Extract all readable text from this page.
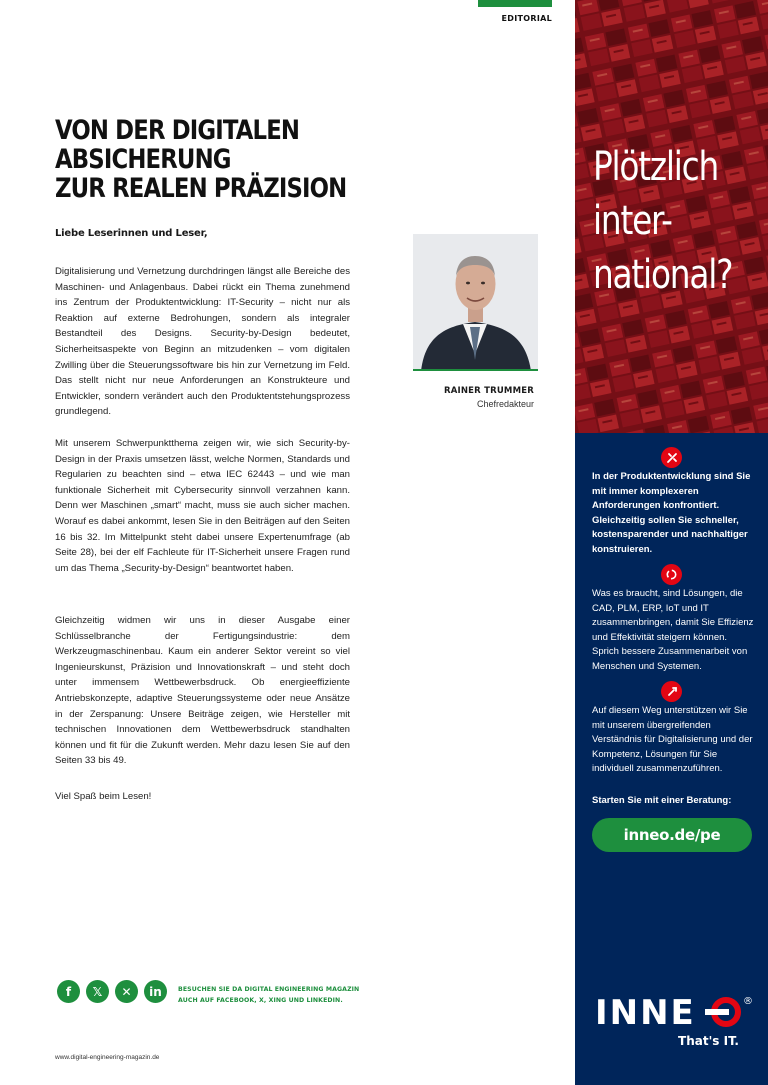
EDITORIAL
VON DER DIGITALEN ABSICHERUNG
ZUR REALEN PRÄZISION
Liebe Leserinnen und Leser,

Digitalisierung und Vernetzung durchdringen längst alle Bereiche des Maschinen- und Anlagenbaus. Dabei rückt ein Thema zunehmend ins Zentrum der Produktentwicklung: IT-Security – nicht nur als Reaktion auf externe Bedrohungen, sondern als integraler Bestandteil des Designs. Security-by-Design bedeutet, Sicherheitsaspekte von Beginn an mitzudenken – vom digitalen Zwilling über die Steuerungssoftware bis hin zur Vernetzung im Feld. Das stellt nicht nur neue Anforderungen an Konstrukteure und Entwickler, sondern verändert auch den Produktentstehungsprozess grundlegend.

Mit unserem Schwerpunktthema zeigen wir, wie sich Security-by-Design in der Praxis umsetzen lässt, welche Normen, Standards und Regularien zu beachten sind – etwa IEC 62443 – und wie man funktionale Sicherheit mit Cybersecurity sinnvoll verzahnen kann. Denn wer Maschinen „smart“ macht, muss sie auch sicher machen. Worauf es dabei ankommt, lesen Sie in den Beiträgen auf den Seiten 16 bis 32. Im Mittelpunkt steht dabei unsere Expertenumfrage (ab Seite 28), bei der elf Fachleute für IT-Sicherheit unsere Fragen rund um das Thema „Security-by-Design“ beantwortet haben.

Gleichzeitig widmen wir uns in dieser Ausgabe einer Schlüsselbranche der Fertigungsindustrie: dem Werkzeugmaschinenbau. Kaum ein anderer Sektor vereint so viel Ingenieurskunst, Präzision und Innovationskraft – und steht doch unter immensem Wettbewerbsdruck. Ob energieeffiziente Antriebskonzepte, adaptive Steuerungssysteme oder neue Ansätze in der Zerspanung: Unsere Beiträge zeigen, wie Hersteller mit technischen Innovationen dem Wettbewerbsdruck standhalten können und fit für die Zukunft werden. Mehr dazu lesen Sie auf den Seiten 33 bis 49.

Viel Spaß beim Lesen!

RAINER TRUMMER
Chefredakteur
f	𝕏	✕	in	BESUCHEN SIE DA DIGITAL ENGINEERING MAGAZIN
AUCH AUF FACEBOOK, X, XING UND LINKEDIN.
www.digital-engineering-magazin.de
Plötzlich
inter-
national?
In der Produktentwicklung sind Sie mit immer komplexeren Anforderungen konfrontiert. Gleichzeitig sollen Sie schneller, kostensparender und nachhaltiger konstruieren.
Was es braucht, sind Lösungen, die CAD, PLM, ERP, IoT und IT zusammenbringen, damit Sie Effizienz und Effektivität steigern können. Sprich bessere Zusammenarbeit von Menschen und Systemen.
Auf diesem Weg unterstützen wir Sie mit unserem übergreifenden Verständnis für Digitalisierung und der Kompetenz, Lösungen für Sie individuell zusammenzuführen.
Starten Sie mit einer Beratung:
inneo.de/pe
INNE	®
That's IT.
